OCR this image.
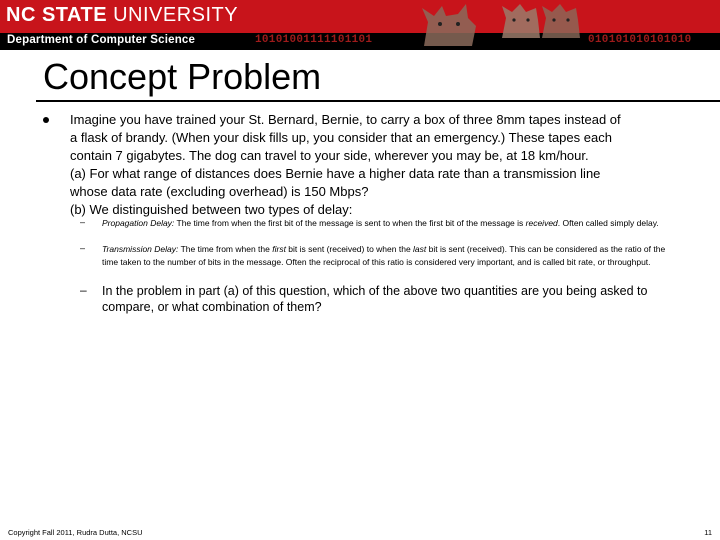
NC STATE UNIVERSITY
Department of Computer Science	10101001111101101	010101010101010
Concept Problem
Imagine you have trained your St. Bernard, Bernie, to carry a box of three 8mm tapes instead of
a flask of brandy. (When your disk fills up, you consider that an emergency.) These tapes each
contain 7 gigabytes. The dog can travel to your side, wherever you may be, at 18 km/hour.
(a) For what range of distances does Bernie have a higher data rate than a transmission line
whose data rate (excluding overhead) is 150 Mbps?
(b) We distinguished between two types of delay:
– Propagation Delay: The time from when the first bit of the message is sent to when the first bit of the message is received. Often called simply delay.
– Transmission Delay: The time from when the first bit is sent (received) to when the last bit is sent (received). This can be considered as the ratio of the time taken to the number of bits in the message. Often the reciprocal of this ratio is considered very important, and is called bit rate, or throughput.
– In the problem in part (a) of this question, which of the above two quantities are you being asked to compare, or what combination of them?
Copyright Fall 2011, Rudra Dutta, NCSU	11
